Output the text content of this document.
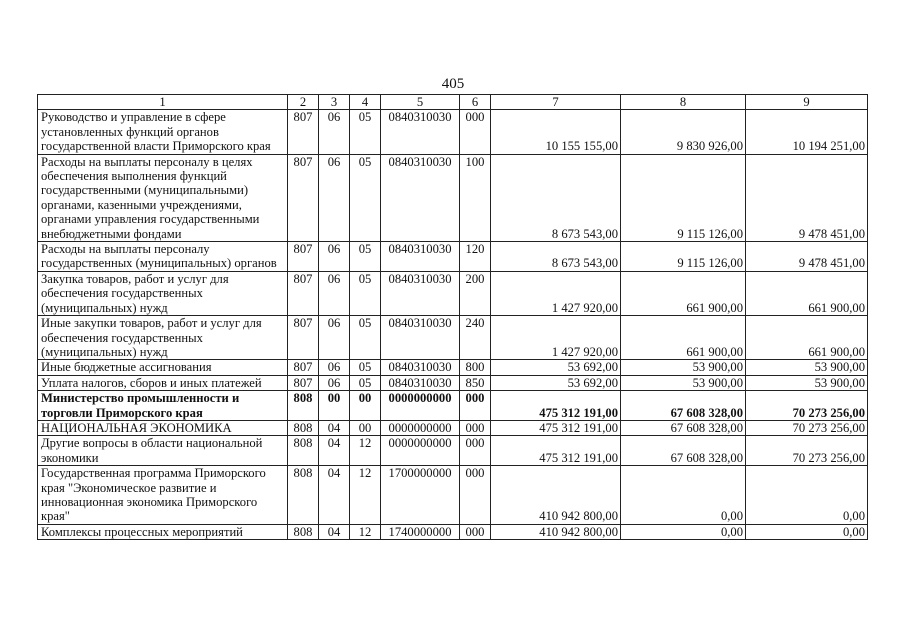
405
1	2	3	4	5	6	7	8	9
Руководство и управление в сфере установленных функций органов государственной власти Приморского края	807	06	05	0840310030	000	10 155 155,00	9 830 926,00	10 194 251,00
Расходы на выплаты персоналу в целях обеспечения выполнения функций государственными (муниципальными) органами, казенными учреждениями, органами управления государственными внебюджетными фондами	807	06	05	0840310030	100	8 673 543,00	9 115 126,00	9 478 451,00
Расходы на выплаты персоналу государственных (муниципальных) органов	807	06	05	0840310030	120	8 673 543,00	9 115 126,00	9 478 451,00
Закупка товаров, работ и услуг для обеспечения государственных (муниципальных) нужд	807	06	05	0840310030	200	1 427 920,00	661 900,00	661 900,00
Иные закупки товаров, работ и услуг для обеспечения государственных (муниципальных) нужд	807	06	05	0840310030	240	1 427 920,00	661 900,00	661 900,00
Иные бюджетные ассигнования	807	06	05	0840310030	800	53 692,00	53 900,00	53 900,00
Уплата налогов, сборов и иных платежей	807	06	05	0840310030	850	53 692,00	53 900,00	53 900,00
Министерство промышленности и торговли Приморского края	808	00	00	0000000000	000	475 312 191,00	67 608 328,00	70 273 256,00
НАЦИОНАЛЬНАЯ ЭКОНОМИКА	808	04	00	0000000000	000	475 312 191,00	67 608 328,00	70 273 256,00
Другие вопросы в области национальной экономики	808	04	12	0000000000	000	475 312 191,00	67 608 328,00	70 273 256,00
Государственная программа Приморского края "Экономическое развитие и инновационная экономика Приморского края"	808	04	12	1700000000	000	410 942 800,00	0,00	0,00
Комплексы процессных мероприятий	808	04	12	1740000000	000	410 942 800,00	0,00	0,00
